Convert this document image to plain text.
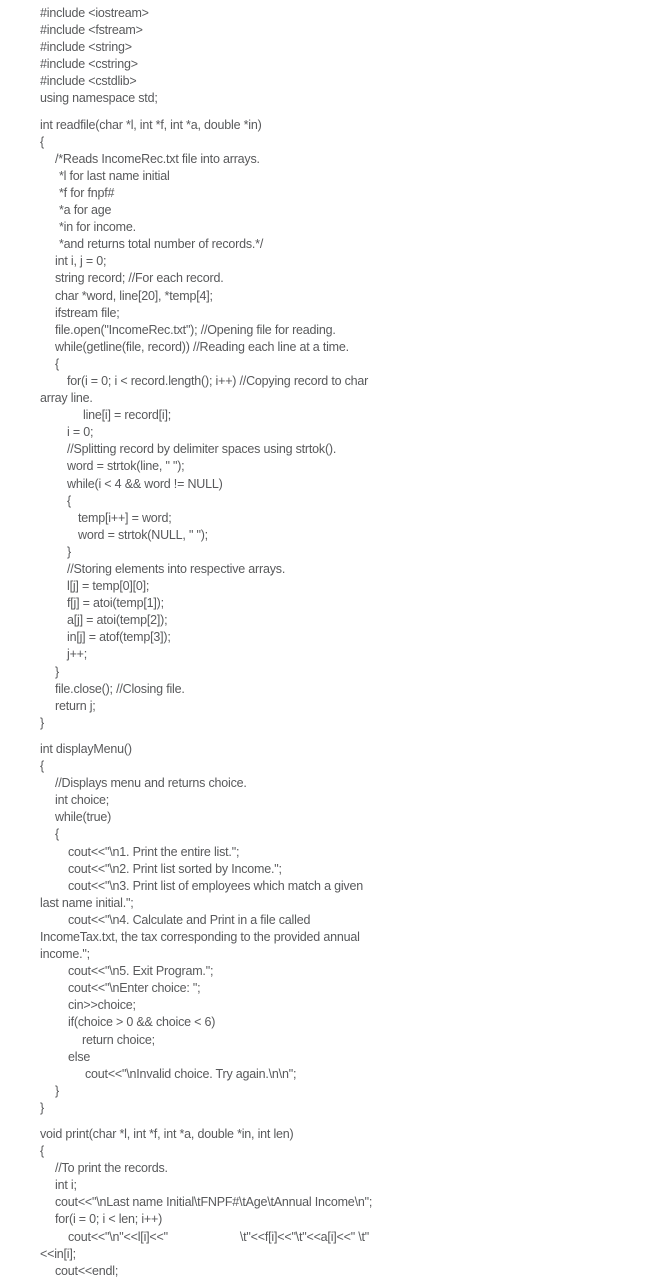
#include <iostream>
#include <fstream>
#include <string>
#include <cstring>
#include <cstdlib>
using namespace std;
int readfile(char *l, int *f, int *a, double *in)
{
/*Reads IncomeRec.txt file into arrays.
*l for last name initial
*f for fnpf#
*a for age
*in for income.
*and returns total number of records.*/
int i, j = 0;
string record; //For each record.
char *word, line[20], *temp[4];
ifstream file;
file.open("IncomeRec.txt"); //Opening file for reading.
while(getline(file, record)) //Reading each line at a time.
{
for(i = 0; i < record.length(); i++) //Copying record to char
array line.
line[i] = record[i];
i = 0;
//Splitting record by delimiter spaces using strtok().
word = strtok(line, " ");
while(i < 4 && word != NULL)
{
temp[i++] = word;
word = strtok(NULL, " ");
}
//Storing elements into respective arrays.
l[j] = temp[0][0];
f[j] = atoi(temp[1]);
a[j] = atoi(temp[2]);
in[j] = atof(temp[3]);
j++;
}
file.close(); //Closing file.
return j;
}
int displayMenu()
{
//Displays menu and returns choice.
int choice;
while(true)
{
cout<<"\n1. Print the entire list.";
cout<<"\n2. Print list sorted by Income.";
cout<<"\n3. Print list of employees which match a given
last name initial.";
cout<<"\n4. Calculate and Print in a file called
IncomeTax.txt, the tax corresponding to the provided annual
income.";
cout<<"\n5. Exit Program.";
cout<<"\nEnter choice: ";
cin>>choice;
if(choice > 0 && choice < 6)
return choice;
else
cout<<"\nInvalid choice. Try again.\n\n";
}
}
void print(char *l, int *f, int *a, double *in, int len)
{
//To print the records.
int i;
cout<<"\nLast name Initial\tFNPF#\tAge\tAnnual Income\n";
for(i = 0; i < len; i++)
cout<<"\n"<<l[i]<<"                      \t"<<f[i]<<"\t"<<a[i]<<" \t"
<<in[i];
cout<<endl;
